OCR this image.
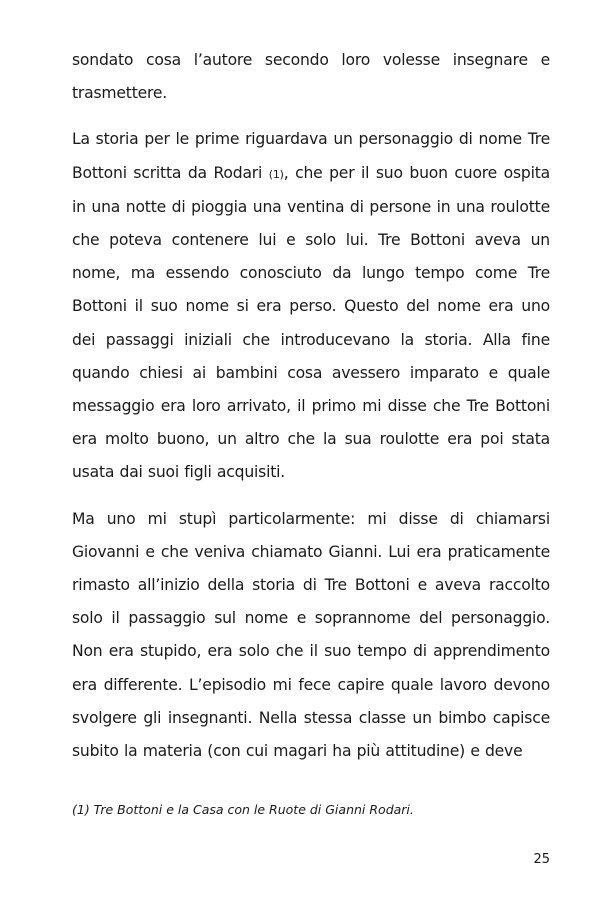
sondato cosa l’autore secondo loro volesse insegnare e trasmettere.

La storia per le prime riguardava un personaggio di nome Tre Bottoni scritta da Rodari (1), che per il suo buon cuore ospita in una notte di pioggia una ventina di persone in una roulotte che poteva contenere lui e solo lui. Tre Bottoni aveva un nome, ma essendo conosciuto da lungo tempo come Tre Bottoni il suo nome si era perso. Questo del nome era uno dei passaggi iniziali che introducevano la storia. Alla fine quando chiesi ai bambini cosa avessero imparato e quale messaggio era loro arrivato, il primo mi disse che Tre Bottoni era molto buono, un altro che la sua roulotte era poi stata usata dai suoi figli acquisiti.

Ma uno mi stupì particolarmente: mi disse di chiamarsi Giovanni e che veniva chiamato Gianni. Lui era praticamente rimasto all’inizio della storia di Tre Bottoni e aveva raccolto solo il passaggio sul nome e soprannome del personaggio. Non era stupido, era solo che il suo tempo di apprendimento era differente. L’episodio mi fece capire quale lavoro devono svolgere gli insegnanti. Nella stessa classe un bimbo capisce subito la materia (con cui magari ha più attitudine) e deve

(1) Tre Bottoni e la Casa con le Ruote di Gianni Rodari.
25
